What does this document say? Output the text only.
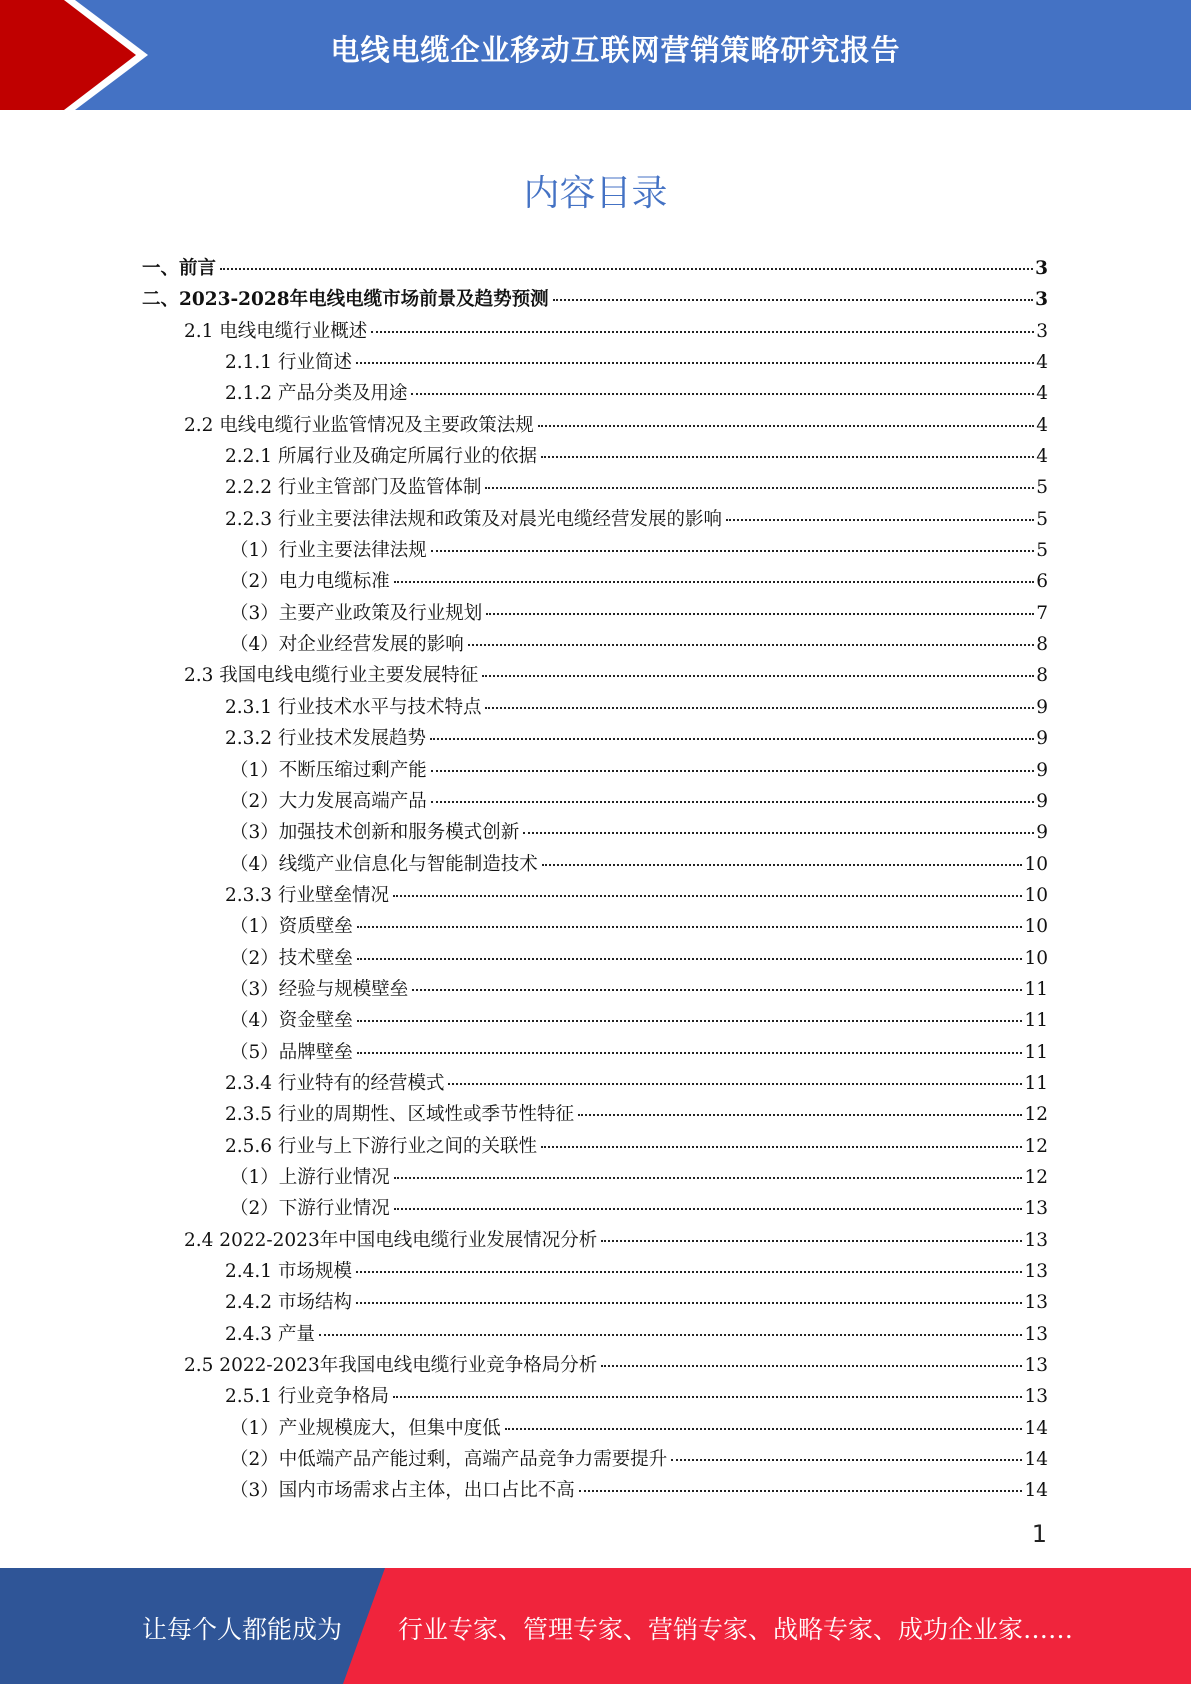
电线电缆企业移动互联网营销策略研究报告
内容目录
一、前言	3
二、2023-2028年电线电缆市场前景及趋势预测	3
2.1 电线电缆行业概述	3
2.1.1 行业简述	4
2.1.2 产品分类及用途	4
2.2 电线电缆行业监管情况及主要政策法规	4
2.2.1 所属行业及确定所属行业的依据	4
2.2.2 行业主管部门及监管体制	5
2.2.3 行业主要法律法规和政策及对晨光电缆经营发展的影响	5
（1）行业主要法律法规	5
（2）电力电缆标准	6
（3）主要产业政策及行业规划	7
（4）对企业经营发展的影响	8
2.3 我国电线电缆行业主要发展特征	8
2.3.1 行业技术水平与技术特点	9
2.3.2 行业技术发展趋势	9
（1）不断压缩过剩产能	9
（2）大力发展高端产品	9
（3）加强技术创新和服务模式创新	9
（4）线缆产业信息化与智能制造技术	10
2.3.3 行业壁垒情况	10
（1）资质壁垒	10
（2）技术壁垒	10
（3）经验与规模壁垒	11
（4）资金壁垒	11
（5）品牌壁垒	11
2.3.4 行业特有的经营模式	11
2.3.5 行业的周期性、区域性或季节性特征	12
2.5.6 行业与上下游行业之间的关联性	12
（1）上游行业情况	12
（2）下游行业情况	13
2.4 2022-2023年中国电线电缆行业发展情况分析	13
2.4.1 市场规模	13
2.4.2 市场结构	13
2.4.3 产量	13
2.5 2022-2023年我国电线电缆行业竞争格局分析	13
2.5.1 行业竞争格局	13
（1）产业规模庞大，但集中度低	14
（2）中低端产品产能过剩，高端产品竞争力需要提升	14
（3）国内市场需求占主体，出口占比不高	14
1
让每个人都能成为 行业专家、管理专家、营销专家、战略专家、成功企业家……
